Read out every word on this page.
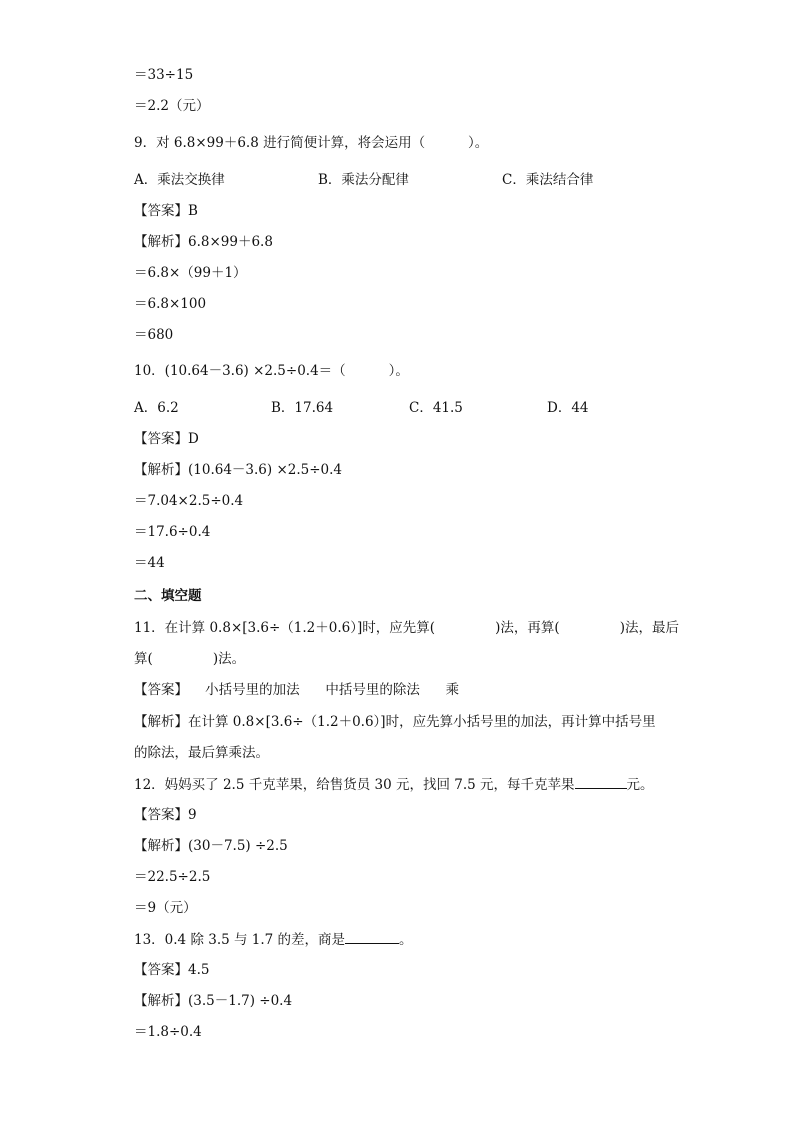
＝33÷15
＝2.2（元）
9．对 6.8×99＋6.8 进行简便计算，将会运用（          ）。
A．乘法交换律	B．乘法分配律	C．乘法结合律
【答案】B
【解析】6.8×99＋6.8
＝6.8×（99＋1）
＝6.8×100
＝680
10．(10.64－3.6) ×2.5÷0.4＝（          ）。
A．6.2	B．17.64	C．41.5	D．44
【答案】D
【解析】(10.64－3.6) ×2.5÷0.4
＝7.04×2.5÷0.4
＝17.6÷0.4
＝44
二、填空题
11．在计算 0.8×[3.6÷（1.2＋0.6）]时，应先算(              )法，再算(              )法，最后
算(              )法。
【答案】    小括号里的加法      中括号里的除法      乘
【解析】在计算 0.8×[3.6÷（1.2＋0.6）]时，应先算小括号里的加法，再计算中括号里
的除法，最后算乘法。
12．妈妈买了 2.5 千克苹果，给售货员 30 元，找回 7.5 元，每千克苹果	元。
【答案】9
【解析】(30－7.5) ÷2.5
＝22.5÷2.5
＝9（元）
13．0.4 除 3.5 与 1.7 的差，商是	。
【答案】4.5
【解析】(3.5－1.7) ÷0.4
＝1.8÷0.4
